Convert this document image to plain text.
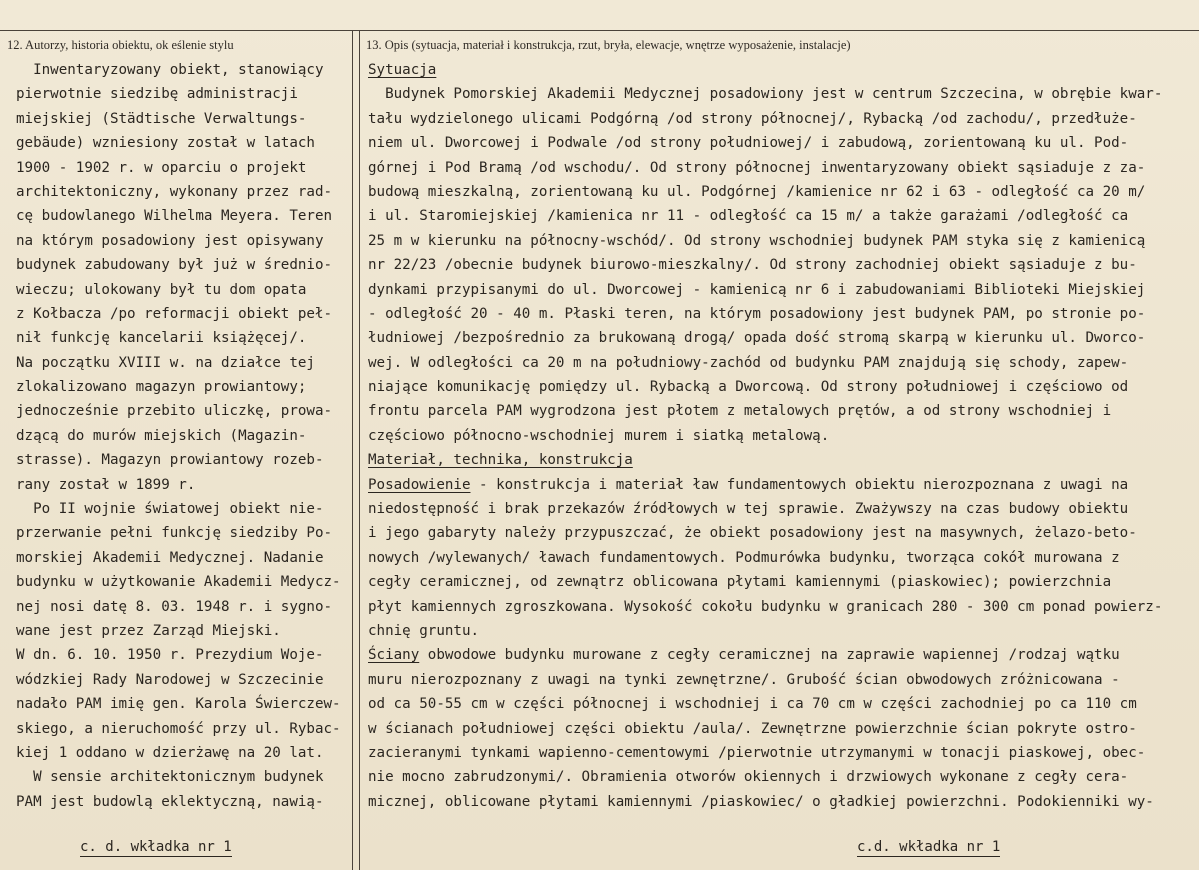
12. Autorzy, historia obiektu, ok eślenie stylu	13. Opis (sytuacja, materiał i konstrukcja, rzut, bryła, elewacje, wnętrze wyposażenie, instalacje)
Inwentaryzowany obiekt, stanowiący
pierwotnie siedzibę administracji
miejskiej (Städtische Verwaltungs-
gebäude) wzniesiony został w latach
1900 - 1902 r. w oparciu o projekt
architektoniczny, wykonany przez rad-
cę budowlanego Wilhelma Meyera. Teren
na którym posadowiony jest opisywany
budynek zabudowany był już w średnio-
wieczu; ulokowany był tu dom opata
z Kołbacza /po reformacji obiekt peł-
nił funkcję kancelarii książęcej/.
Na początku XVIII w. na działce tej
zlokalizowano magazyn prowiantowy;
jednocześnie przebito uliczkę, prowa-
dzącą do murów miejskich (Magazin-
strasse). Magazyn prowiantowy rozeb-
rany został w 1899 r.
Po II wojnie światowej obiekt nie-
przerwanie pełni funkcję siedziby Po-
morskiej Akademii Medycznej. Nadanie
budynku w użytkowanie Akademii Medycz-
nej nosi datę 8. 03. 1948 r. i sygno-
wane jest przez Zarząd Miejski.
W dn. 6. 10. 1950 r. Prezydium Woje-
wódzkiej Rady Narodowej w Szczecinie
nadało PAM imię gen. Karola Świerczew-
skiego, a nieruchomość przy ul. Rybac-
kiej 1 oddano w dzierżawę na 20 lat.
W sensie architektonicznym budynek
PAM jest budowlą eklektyczną, nawią-
Sytuacja
Budynek Pomorskiej Akademii Medycznej posadowiony jest w centrum Szczecina, w obrębie kwar-
tału wydzielonego ulicami Podgórną /od strony północnej/, Rybacką /od zachodu/, przedłuże-
niem ul. Dworcowej i Podwale /od strony południowej/ i zabudową, zorientowaną ku ul. Pod-
górnej i Pod Bramą /od wschodu/. Od strony północnej inwentaryzowany obiekt sąsiaduje z za-
budową mieszkalną, zorientowaną ku ul. Podgórnej /kamienice nr 62 i 63 - odległość ca 20 m/
i ul. Staromiejskiej /kamienica nr 11 - odległość ca 15 m/ a także garażami /odległość ca
25 m w kierunku na północny-wschód/. Od strony wschodniej budynek PAM styka się z kamienicą
nr 22/23 /obecnie budynek biurowo-mieszkalny/. Od strony zachodniej obiekt sąsiaduje z bu-
dynkami przypisanymi do ul. Dworcowej - kamienicą nr 6 i zabudowaniami Biblioteki Miejskiej
- odległość 20 - 40 m. Płaski teren, na którym posadowiony jest budynek PAM, po stronie po-
łudniowej /bezpośrednio za brukowaną drogą/ opada dość stromą skarpą w kierunku ul. Dworco-
wej. W odległości ca 20 m na południowy-zachód od budynku PAM znajdują się schody, zapew-
niające komunikację pomiędzy ul. Rybacką a Dworcową. Od strony południowej i częściowo od
frontu parcela PAM wygrodzona jest płotem z metalowych prętów, a od strony wschodniej i
częściowo północno-wschodniej murem i siatką metalową.
Materiał, technika, konstrukcja
Posadowienie - konstrukcja i materiał ław fundamentowych obiektu nierozpoznana z uwagi na
niedostępność i brak przekazów źródłowych w tej sprawie. Zważywszy na czas budowy obiektu
i jego gabaryty należy przypuszczać, że obiekt posadowiony jest na masywnych, żelazo-beto-
nowych /wylewanych/ ławach fundamentowych. Podmurówka budynku, tworząca cokół murowana z
cegły ceramicznej, od zewnątrz oblicowana płytami kamiennymi (piaskowiec); powierzchnia
płyt kamiennych zgroszkowana. Wysokość cokołu budynku w granicach 280 - 300 cm ponad powierz-
chnię gruntu.
Ściany obwodowe budynku murowane z cegły ceramicznej na zaprawie wapiennej /rodzaj wątku
muru nierozpoznany z uwagi na tynki zewnętrzne/. Grubość ścian obwodowych zróżnicowana -
od ca 50-55 cm w części północnej i wschodniej i ca 70 cm w części zachodniej po ca 110 cm
w ścianach południowej części obiektu /aula/. Zewnętrzne powierzchnie ścian pokryte ostro-
zacieranymi tynkami wapienno-cementowymi /pierwotnie utrzymanymi w tonacji piaskowej, obec-
nie mocno zabrudzonymi/. Obramienia otworów okiennych i drzwiowych wykonane z cegły cera-
micznej, oblicowane płytami kamiennymi /piaskowiec/ o gładkiej powierzchni. Podokienniki wy-
c. d. wkładka nr 1	c.d. wkładka nr 1
